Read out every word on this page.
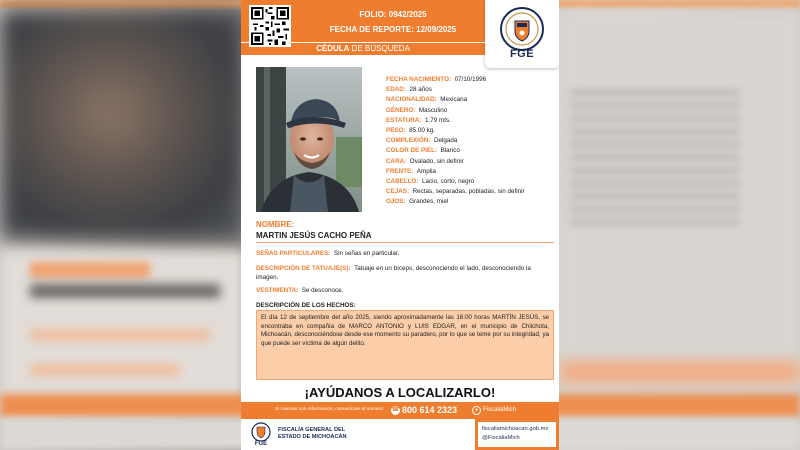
FOLIO: 0942/2025
FECHA DE REPORTE: 12/09/2025
CÉDULA DE BÚSQUEDA	FGE
FECHA NACIMIENTO: 07/10/1996
EDAD: 28 años
NACIONALIDAD: Mexicana
GÉNERO: Masculino
ESTATURA: 1.79 mts.
PESO: 85.00 kg.
COMPLEXIÓN: Delgada
COLOR DE PIEL: Blanco
CARA: Ovalado, sin definir
FRENTE: Amplia
CABELLO: Lacio, corto, negro
CEJAS: Rectas, separadas, pobladas, sin definir
OJOS: Grandes, miel
NOMBRE:
MARTIN JESÚS CACHO PEÑA
SEÑAS PARTICULARES: Sin señas en particular.
DESCRIPCIÓN DE TATUAJE(S): Tatuaje en un bíceps, desconociendo el lado, desconociendo la imagen.
VESTIMENTA: Se desconoce.
DESCRIPCIÓN DE LOS HECHOS:
El día 12 de septiembre del año 2025, siendo aproximadamente las 16:00 horas MARTÍN JESÚS, se encontraba en compañía de MARCO ANTONIO y LUIS EDGAR, en el municipio de Chilchota, Michoacán, desconociéndose desde ese momento su paradero, por lo que se teme por su integridad, ya que puede ser víctima de algún delito.
¡AYÚDANOS A LOCALIZARLO!
Si cuentas con información, comunícate al número: ☎ 800 614 2323	● FiscaliaMich
FGE
FISCALÍA GENERAL DEL
ESTADO DE MICHOACÁN
fiscaliamichoacan.gob.mx
@FiscaliaMich
